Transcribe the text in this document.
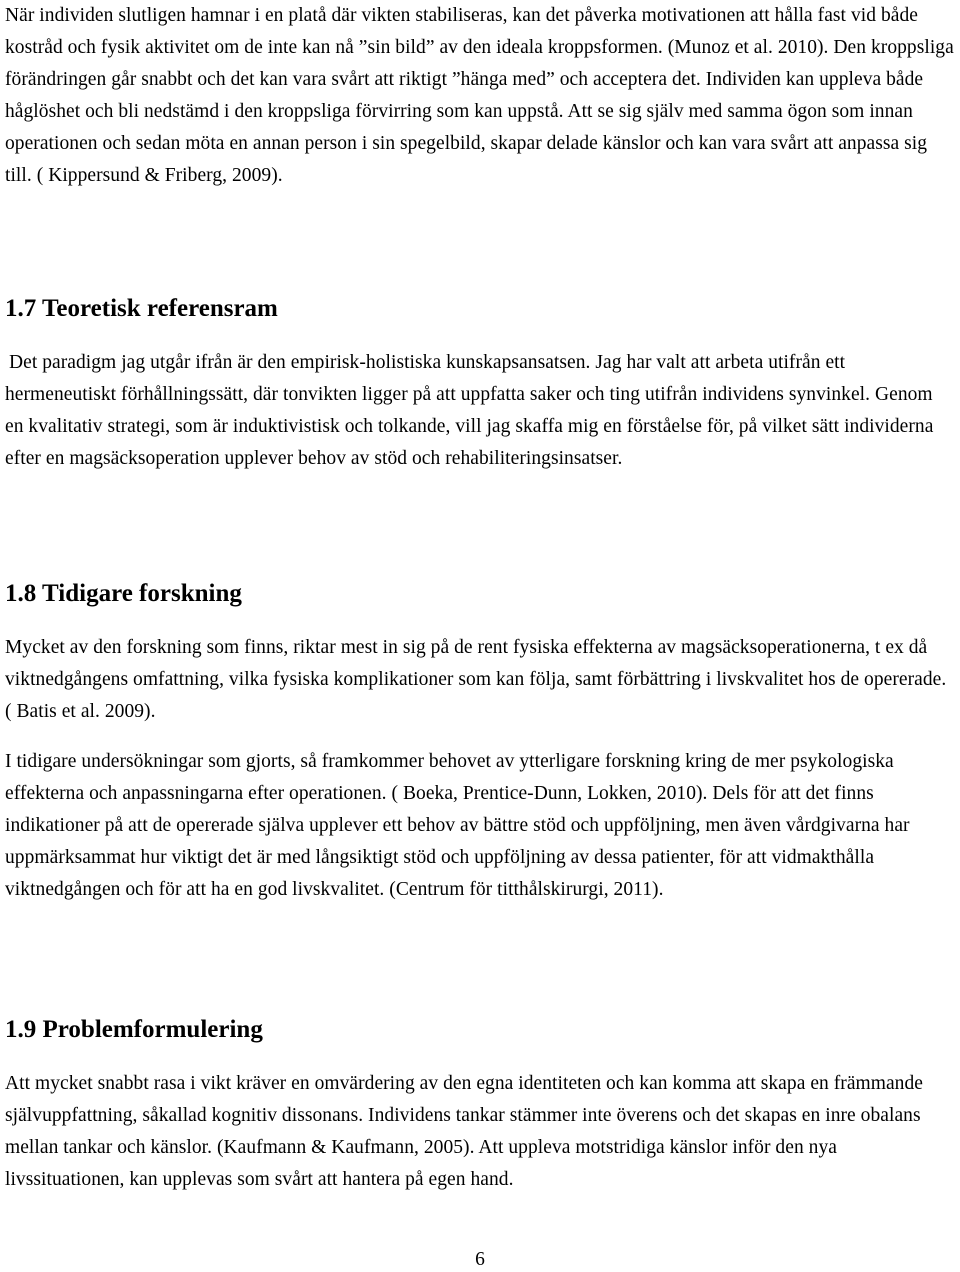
När individen slutligen hamnar i en platå där vikten stabiliseras, kan det påverka motivationen att hålla fast vid både kostråd och fysik aktivitet om de inte kan nå ”sin bild” av den ideala kroppsformen. (Munoz et al. 2010). Den kroppsliga förändringen går snabbt och det kan vara svårt att riktigt ”hänga med” och acceptera det. Individen kan uppleva både håglöshet och bli nedstämd i den kroppsliga förvirring som kan uppstå. Att se sig själv med samma ögon som innan operationen och sedan möta en annan person i sin spegelbild, skapar delade känslor och kan vara svårt att anpassa sig till. ( Kippersund & Friberg, 2009).

1.7 Teoretisk referensram

Det paradigm jag utgår ifrån är den empirisk-holistiska kunskapsansatsen. Jag har valt att arbeta utifrån ett hermeneutiskt förhållningssätt, där tonvikten ligger på att uppfatta saker och ting utifrån individens synvinkel. Genom en kvalitativ strategi, som är induktivistisk och tolkande, vill jag skaffa mig en förståelse för, på vilket sätt individerna efter en magsäcksoperation upplever behov av stöd och rehabiliteringsinsatser.

1.8 Tidigare forskning

Mycket av den forskning som finns, riktar mest in sig på de rent fysiska effekterna av magsäcksoperationerna, t ex då viktnedgångens omfattning, vilka fysiska komplikationer som kan följa, samt förbättring i livskvalitet hos de opererade. ( Batis et al. 2009).

I tidigare undersökningar som gjorts, så framkommer behovet av ytterligare forskning kring de mer psykologiska effekterna och anpassningarna efter operationen. ( Boeka, Prentice-Dunn, Lokken, 2010). Dels för att det finns indikationer på att de opererade själva upplever ett behov av bättre stöd och uppföljning, men även vårdgivarna har uppmärksammat hur viktigt det är med långsiktigt stöd och uppföljning av dessa patienter, för att vidmakthålla viktnedgången och för att ha en god livskvalitet. (Centrum för titthålskirurgi, 2011).

1.9 Problemformulering

Att mycket snabbt rasa i vikt kräver en omvärdering av den egna identiteten och kan komma att skapa en främmande självuppfattning, såkallad kognitiv dissonans. Individens tankar stämmer inte överens och det skapas en inre obalans mellan tankar och känslor. (Kaufmann & Kaufmann, 2005). Att uppleva motstridiga känslor inför den nya livssituationen, kan upplevas som svårt att hantera på egen hand.

6
